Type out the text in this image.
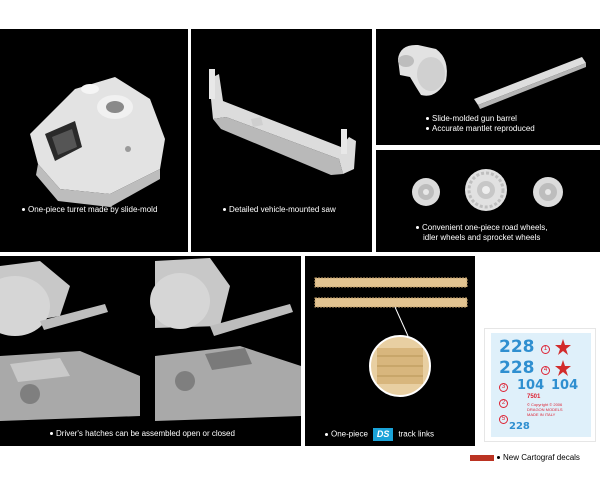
One-piece turret made by slide-mold	Detailed vehicle-mounted saw
Slide-molded gun barrel
Accurate mantlet reproduced
Convenient one-piece road wheels,
idler wheels and sprocket wheels
Driver's hatches can be assembled open or closed	One-piece DS track links
228	1
228	4
3 104 104
2
7501
© Copyright © 2006
DRAGON MODELS
MADE IN ITALY
5
228
New Cartograf decals
